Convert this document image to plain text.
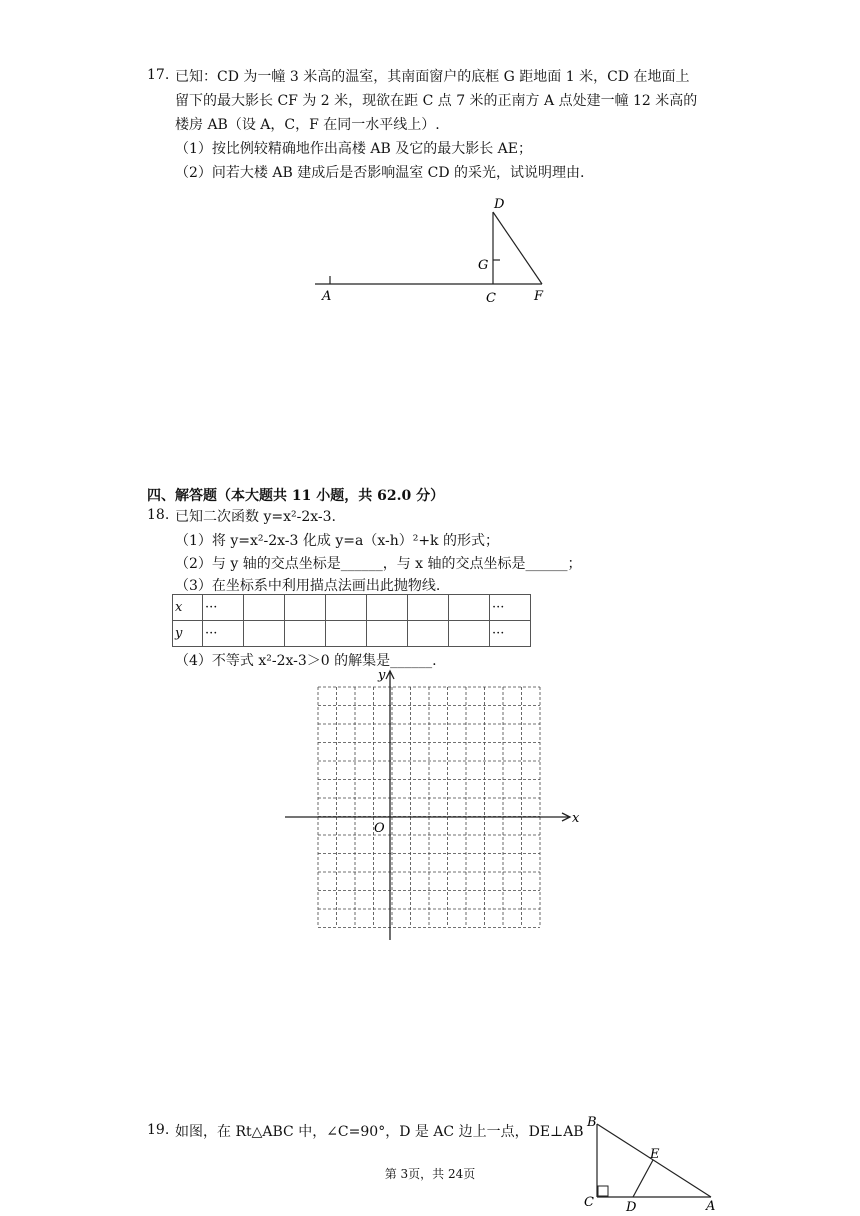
17. 已知：CD 为一幢 3 米高的温室，其南面窗户的底框 G 距地面 1 米，CD 在地面上
留下的最大影长 CF 为 2 米，现欲在距 C 点 7 米的正南方 A 点处建一幢 12 米高的
楼房 AB（设 A，C，F 在同一水平线上）.
（1）按比例较精确地作出高楼 AB 及它的最大影长 AE；
（2）问若大楼 AB 建成后是否影响温室 CD 的采光，试说明理由.
A	C	F
D
G
四、解答题（本大题共 11 小题，共 62.0 分）
18. 已知二次函数 y=x²-2x-3.
（1）将 y=x²-2x-3 化成 y=a（x-h）²+k 的形式；
（2）与 y 轴的交点坐标是______，与 x 轴的交点坐标是______；
（3）在坐标系中利用描点法画出此抛物线.
x	···							···
y	···							···
（4）不等式 x²-2x-3＞0 的解集是______.
x
y
O
19. 如图，在 Rt△ABC 中，∠C=90°，D 是 AC 边上一点，DE⊥AB
B
C D
E
A
第 3页，共 24页
